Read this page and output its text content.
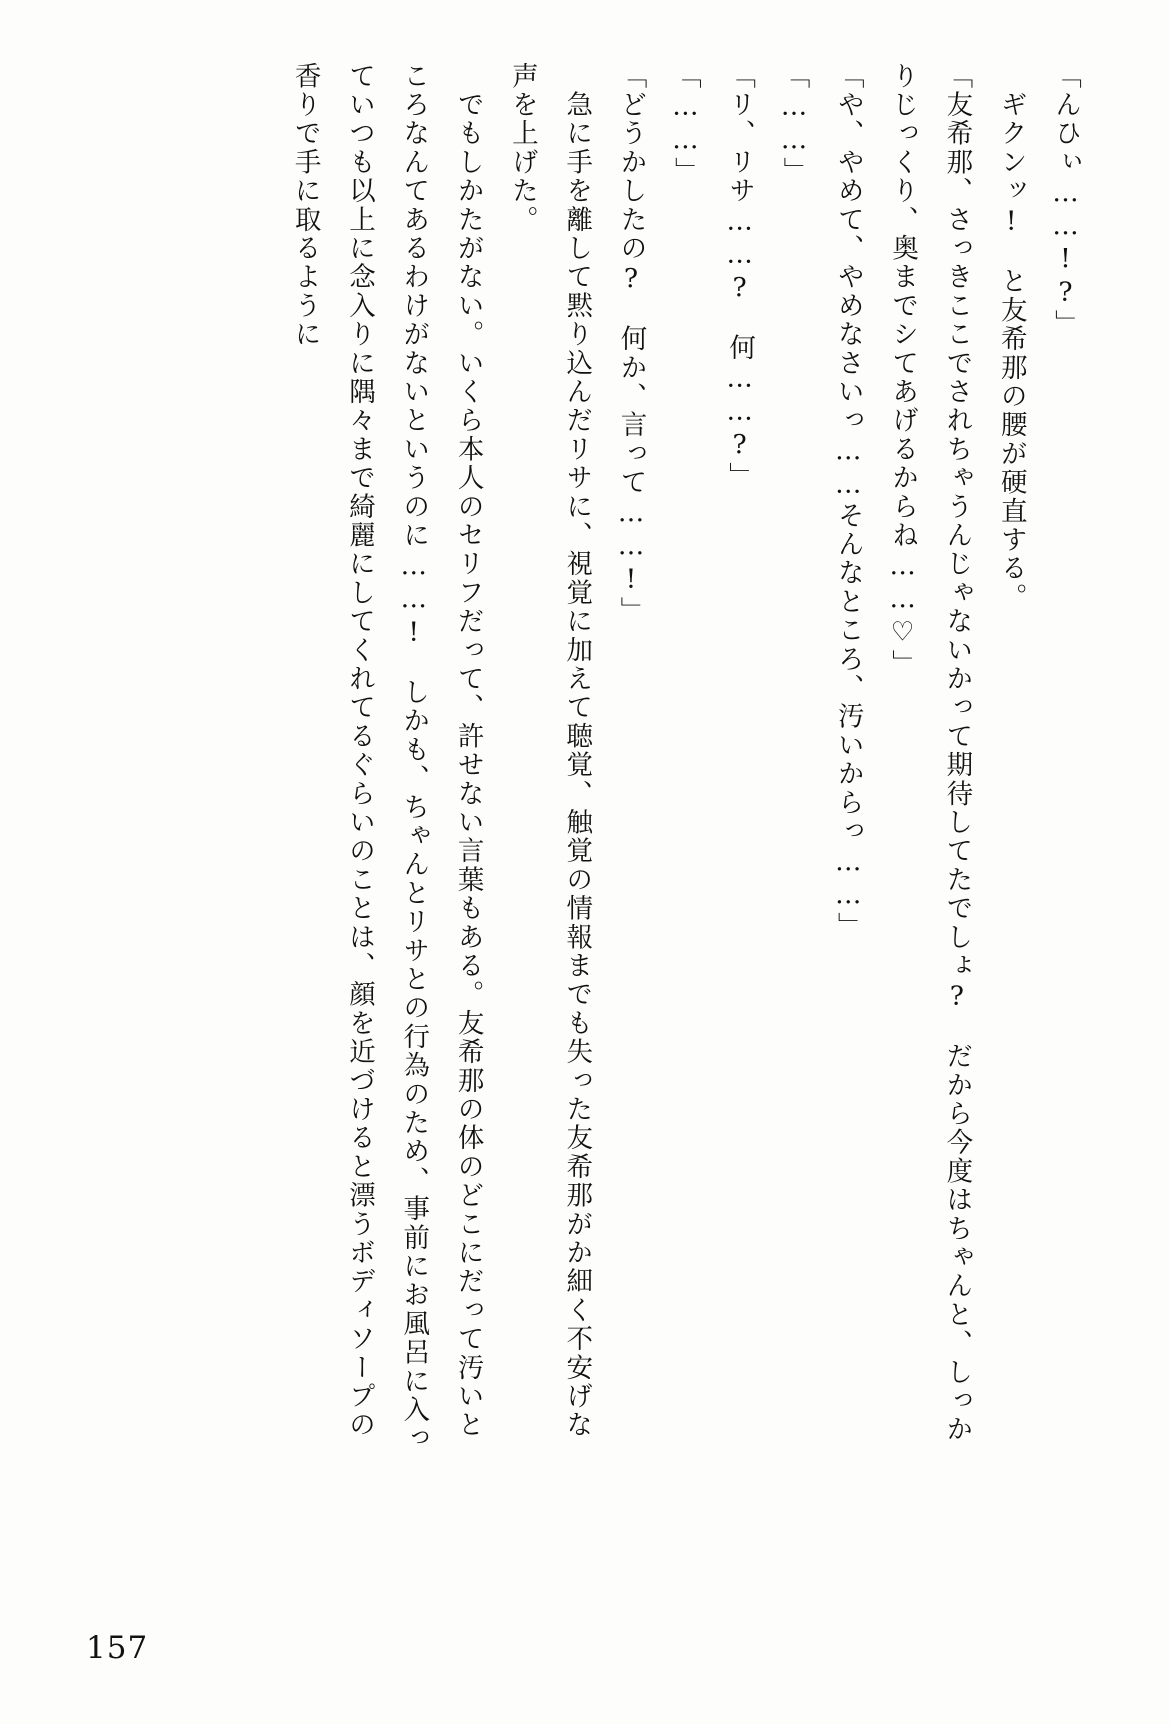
「んひぃ……!?」

　ギクンッ!　と友希那の腰が硬直する。

「友希那、さっきここでされちゃうんじゃないかって期待してたでしょ?　だから今度はちゃんと、しっかりじっくり、奥までシてあげるからね……♡」

「や、やめて、やめなさいっ……そんなところ、汚いからっ……」

「……」

「リ、リサ……?　何……?」

「……」

「どうかしたの?　何か、言って……!」

　急に手を離して黙り込んだリサに、視覚に加えて聴覚、触覚の情報までも失った友希那がか細く不安げな声を上げた。

　でもしかたがない。いくら本人のセリフだって、許せない言葉もある。友希那の体のどこにだって汚いところなんてあるわけがないというのに……!　しかも、ちゃんとリサとの行為のため、事前にお風呂に入っていつも以上に念入りに隅々まで綺麗にしてくれてるぐらいのことは、顔を近づけると漂うボディソープの香りで手に取るように

157
